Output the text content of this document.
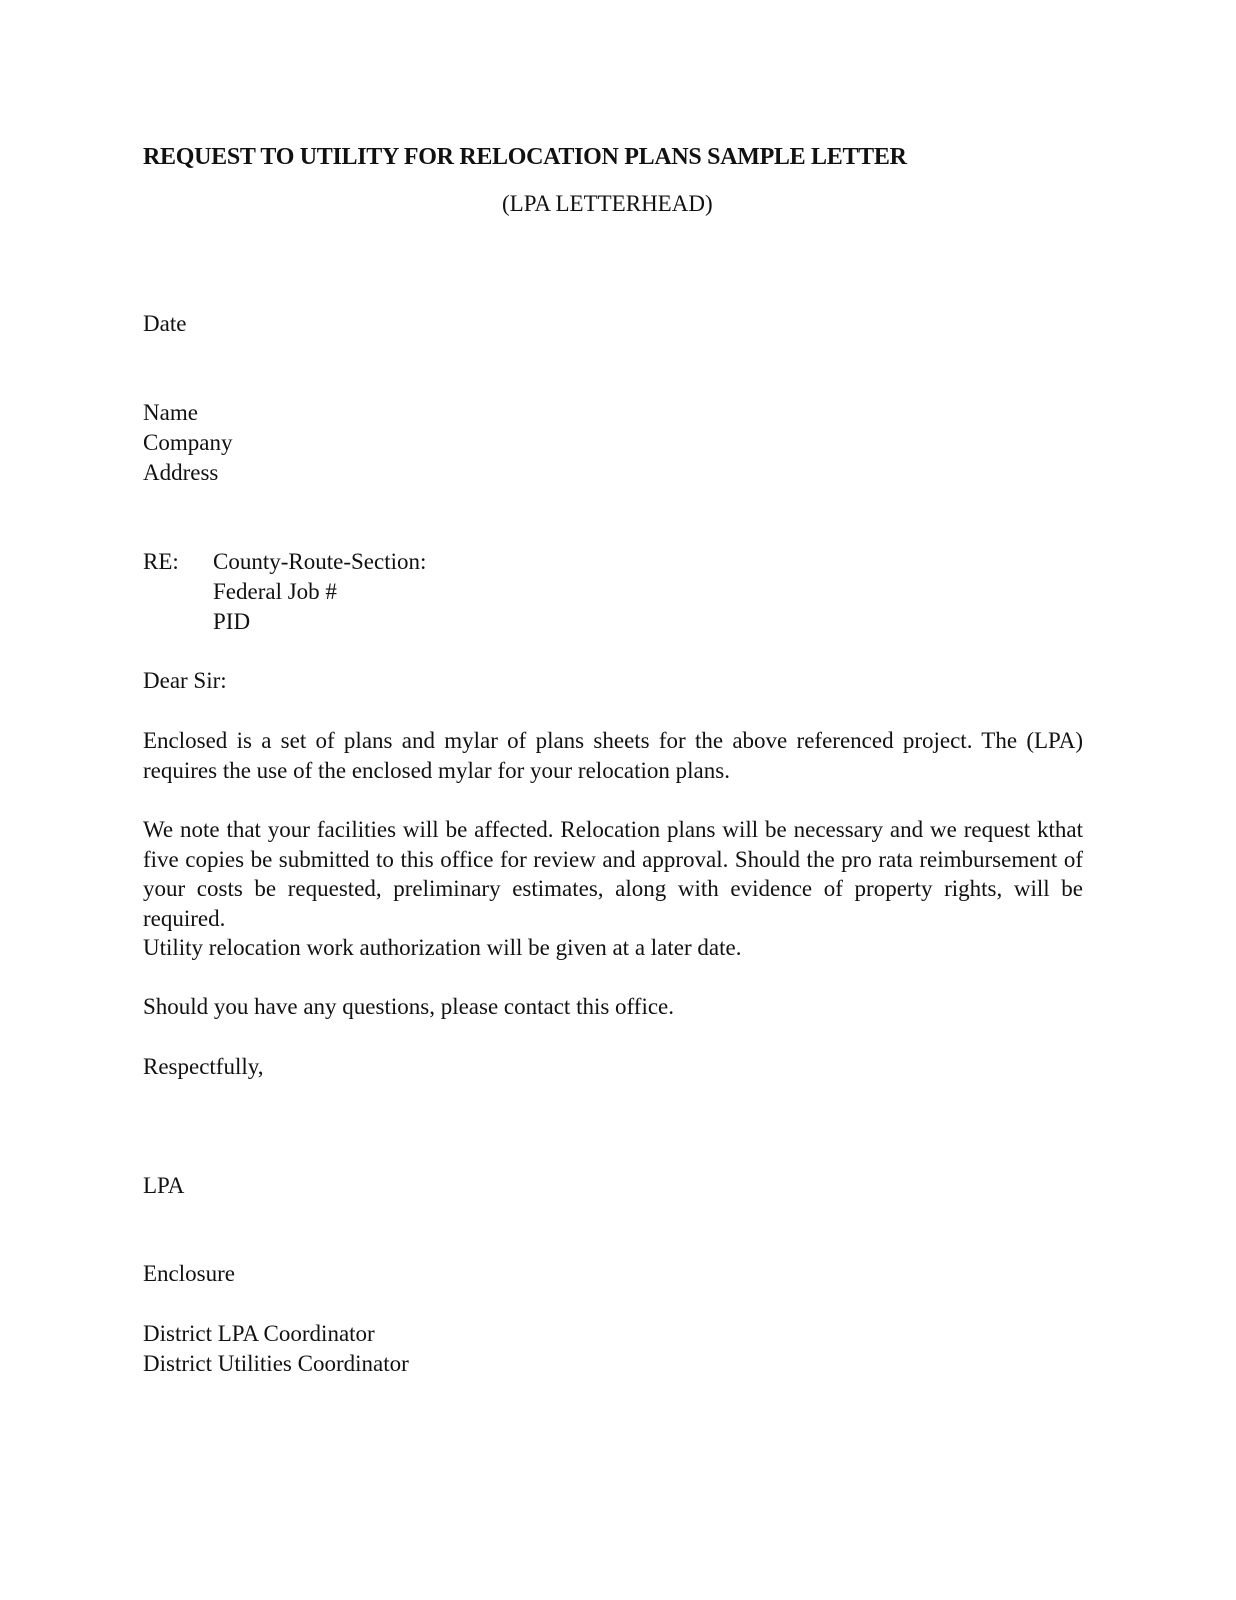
REQUEST TO UTILITY FOR RELOCATION PLANS SAMPLE LETTER
(LPA LETTERHEAD)
Date
Name
Company
Address
RE: County-Route-Section:
Federal Job #
PID
Dear Sir:
Enclosed is a set of plans and mylar of plans sheets for the above referenced project. The (LPA) requires the use of the enclosed mylar for your relocation plans.
We note that your facilities will be affected. Relocation plans will be necessary and we request kthat five copies be submitted to this office for review and approval. Should the pro rata reimbursement of your costs be requested, preliminary estimates, along with evidence of property rights, will be required.
Utility relocation work authorization will be given at a later date.
Should you have any questions, please contact this office.
Respectfully,
LPA
Enclosure
District LPA Coordinator
District Utilities Coordinator
